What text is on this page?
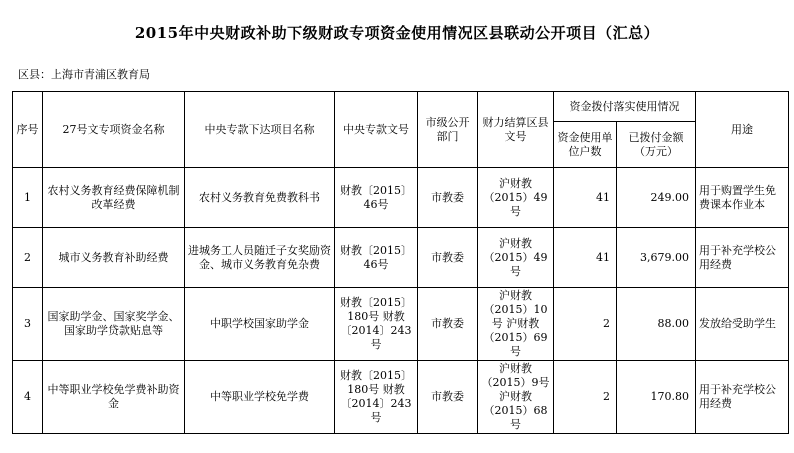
2015年中央财政补助下级财政专项资金使用情况区县联动公开项目（汇总）
区县：上海市青浦区教育局
序号	27号文专项资金名称	中央专款下达项目名称	中央专款文号	市级公开部门	财力结算区县文号	资金拨付落实使用情况		用途
						资金使用单位户数	已拨付金额（万元）	
1	农村义务教育经费保障机制改革经费	农村义务教育免费教科书	财教〔2015〕46号	市教委	沪财教（2015）49号	41	249.00	用于购置学生免费课本作业本
2	城市义务教育补助经费	进城务工人员随迁子女奖励资金、城市义务教育免杂费	财教〔2015〕46号	市教委	沪财教（2015）49号	41	3,679.00	用于补充学校公用经费
3	国家助学金、国家奖学金、国家助学贷款贴息等	中职学校国家助学金	财教〔2015〕180号 财教〔2014〕243号	市教委	沪财教（2015）10号 沪财教（2015）69号	2	88.00	发放给受助学生
4	中等职业学校免学费补助资金	中等职业学校免学费	财教〔2015〕180号 财教〔2014〕243号	市教委	沪财教（2015）9号 沪财教（2015）68号	2	170.80	用于补充学校公用经费
